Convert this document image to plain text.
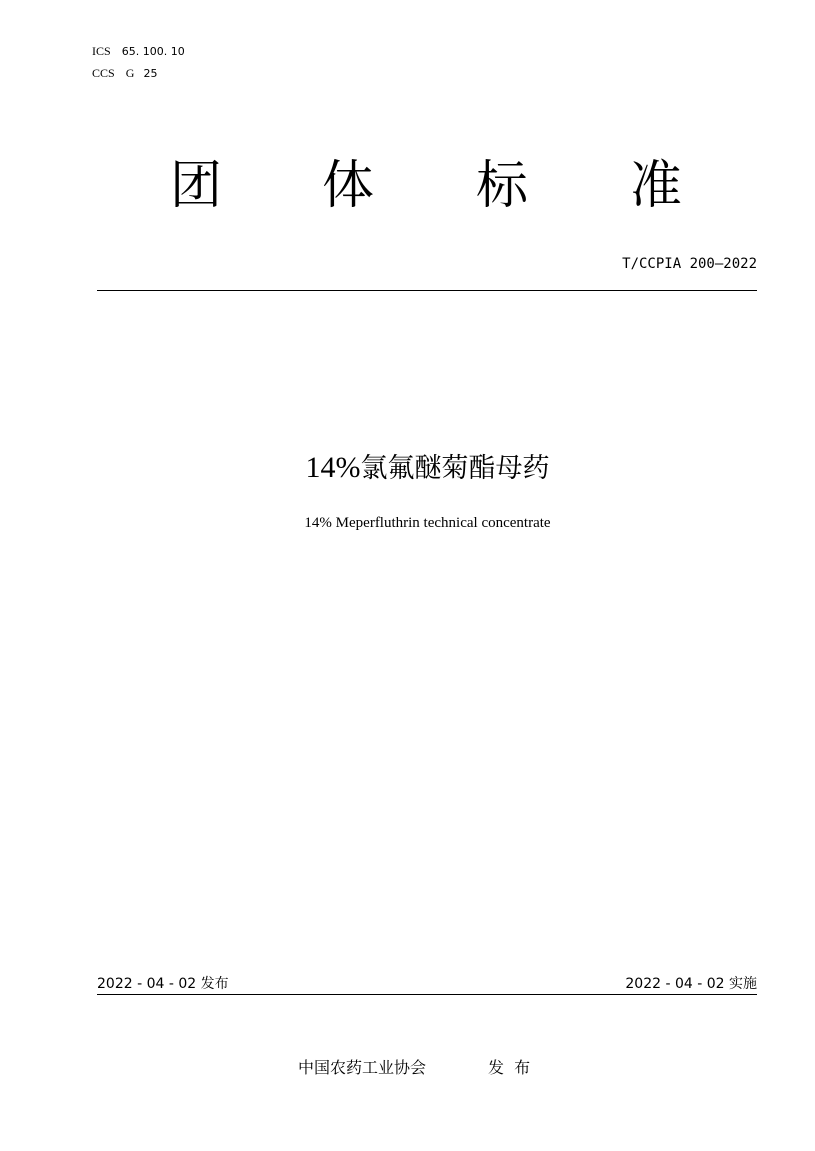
ICS 65. 100. 10
CCS G 25
团 体 标 准
T/CCPIA 200—2022
14%氯氟醚菊酯母药
14% Meperfluthrin technical concentrate
2022 - 04 - 02 发布	2022 - 04 - 02 实施
中国农药工业协会	发  布
